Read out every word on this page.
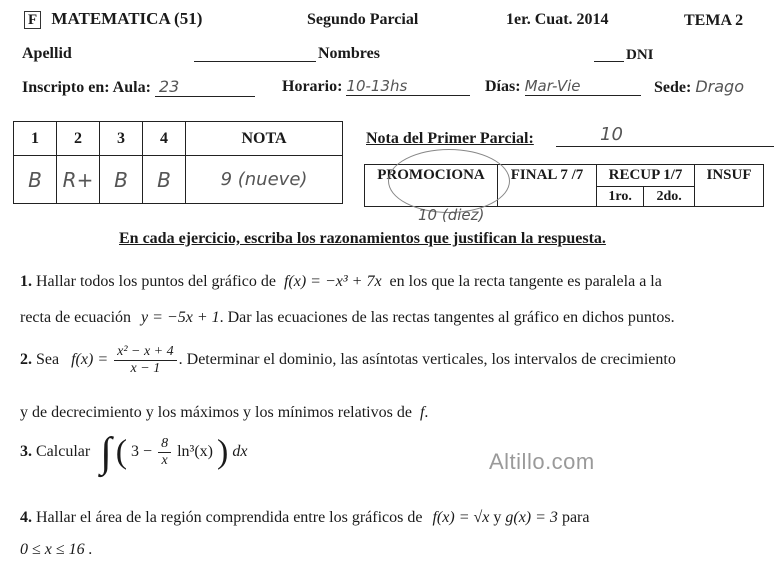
F MATEMATICA (51)	Segundo Parcial	1er. Cuat. 2014	TEMA 2
Apellid	Nombres	DNI
Inscripto en: Aula: 23	Horario: 10-13hs	Días: Mar-Vie	Sede: Drago
1	2	3	4	NOTA
B	R+	B	B	9 (nueve)
Nota del Primer Parcial:	10
PROMOCIONA	FINAL 7 /7	RECUP 1/7		INSUF
		1ro.	2do.	
10 (diez)
En cada ejercicio, escriba los razonamientos que justifican la respuesta.
1. Hallar todos los puntos del gráfico de f(x) = −x³ + 7x en los que la recta tangente es paralela a la
recta de ecuación y = −5x + 1. Dar las ecuaciones de las rectas tangentes al gráfico en dichos puntos.
2. Sea $f(x) = \frac{\text{x² − x + 4}}{x - 1}$ . Determinar el dominio, las asíntotas verticales, los intervalos de crecimiento
y de decrecimiento y los máximos y los mínimos relativos de f.
3. Calcular ∫ ( $3 - \frac{8}{x} \ln^3(x)$ ) dx	Altillo.com
4. Hallar el área de la región comprendida entre los gráficos de f(x) = √x y g(x) = 3 para
0 ≤ x ≤ 16 .
